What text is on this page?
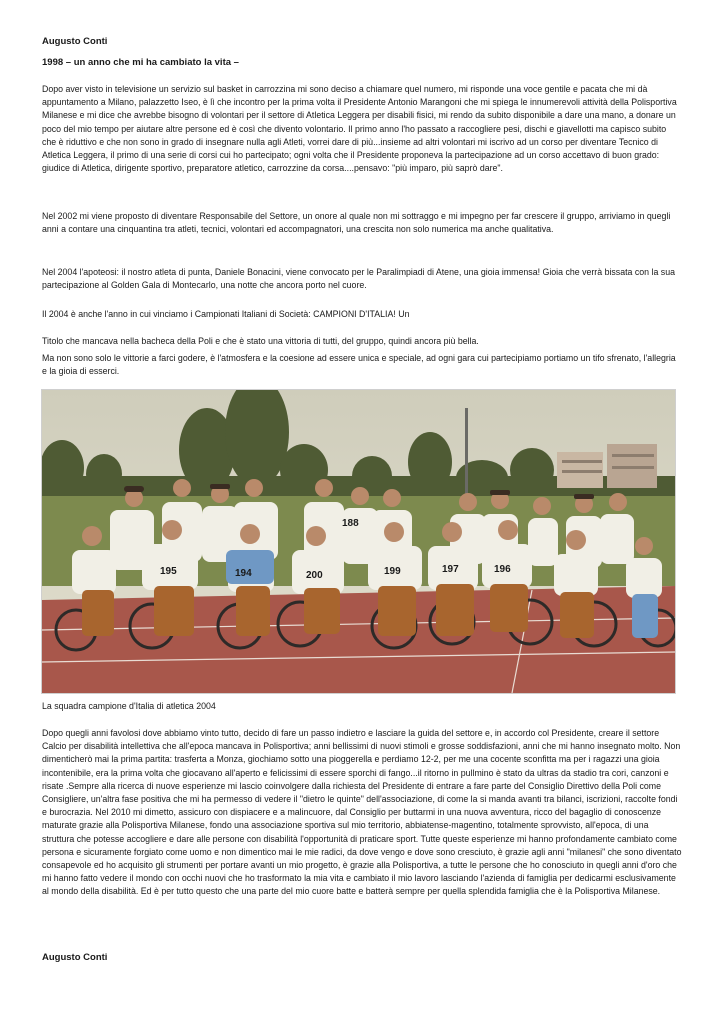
Augusto Conti

1998 – un anno che mi ha cambiato la vita –

Dopo aver visto in televisione un servizio sul basket in carrozzina mi sono deciso a chiamare quel numero, mi risponde una voce gentile e pacata che mi dà appuntamento a Milano, palazzetto Iseo, è lì che incontro per la prima volta il Presidente Antonio Marangoni che mi spiega le innumerevoli attività della Polisportiva Milanese e mi dice che avrebbe bisogno di volontari per il settore di Atletica Leggera per disabili fisici, mi rendo da subito disponibile a dare una mano, a donare un poco del mio tempo per aiutare altre persone ed è così che divento volontario. Il primo anno l'ho passato a raccogliere pesi, dischi e giavellotti ma capisco subito che è riduttivo e che non sono in grado di insegnare nulla agli Atleti, vorrei dare di più...insieme ad altri volontari mi iscrivo ad un corso per diventare Tecnico di Atletica Leggera, il primo di una serie di corsi cui ho partecipato; ogni volta che il Presidente proponeva la partecipazione ad un corso accettavo di buon grado: giudice di Atletica, dirigente sportivo, preparatore atletico, carrozzine da corsa....pensavo: "più imparo, più saprò dare".

Nel 2002 mi viene proposto di diventare Responsabile del Settore, un onore al quale non mi sottraggo e mi impegno per far crescere il gruppo, arriviamo in quegli anni a contare una cinquantina tra atleti, tecnici, volontari ed accompagnatori, una crescita non solo numerica ma anche qualitativa.

Nel 2004 l'apoteosi: il nostro atleta di punta, Daniele Bonacini, viene convocato per le Paralimpiadi di Atene, una gioia immensa! Gioia che verrà bissata con la sua partecipazione al Golden Gala di Montecarlo, una notte che ancora porto nel cuore.

Il 2004 è anche l'anno in cui vinciamo i Campionati Italiani di Società: CAMPIONI D'ITALIA! Un

Titolo che mancava nella bacheca della Poli e che è stato una vittoria di tutti, del gruppo, quindi ancora più bella.

Ma non sono solo le vittorie a farci godere, è l'atmosfera e la coesione ad essere unica e speciale, ad ogni gara cui partecipiamo portiamo un tifo sfrenato, l'allegria e la gioia di esserci.

195	194	200
188
199	196
197

La squadra campione d'Italia di atletica 2004

Dopo quegli anni favolosi dove abbiamo vinto tutto, decido di fare un passo indietro e lasciare la guida del settore e, in accordo col Presidente, creare il settore Calcio per disabilità intellettiva che all'epoca mancava in Polisportiva; anni bellissimi di nuovi stimoli e grosse soddisfazioni, anni che mi hanno insegnato molto. Non dimenticherò mai la prima partita: trasferta a Monza, giochiamo sotto una pioggerella e perdiamo 12-2, per me una cocente sconfitta ma per i ragazzi una gioia incontenibile, era la prima volta che giocavano all'aperto e felicissimi di essere sporchi di fango...il ritorno in pullmino è stato da ultras da stadio tra cori, canzoni e risate .Sempre alla ricerca di nuove esperienze mi lascio coinvolgere dalla richiesta del Presidente di entrare a fare parte del Consiglio Direttivo della Poli come Consigliere, un'altra fase positiva che mi ha permesso di vedere il "dietro le quinte" dell'associazione, di come la si manda avanti tra bilanci, iscrizioni, raccolte fondi e burocrazia. Nel 2010 mi dimetto, assicuro con dispiacere e a malincuore, dal Consiglio per buttarmi in una nuova avventura, ricco del bagaglio di conoscenze maturate grazie alla Polisportiva Milanese, fondo una associazione sportiva sul mio territorio, abbiatense-magentino, totalmente sprovvisto, all'epoca, di una struttura che potesse accogliere e dare alle persone con disabilità l'opportunità di praticare sport. Tutte queste esperienze mi hanno profondamente cambiato come persona e sicuramente forgiato come uomo e non dimentico mai le mie radici, da dove vengo e dove sono cresciuto, è grazie agli anni "milanesi" che sono diventato consapevole ed ho acquisito gli strumenti per portare avanti un mio progetto, è grazie alla Polisportiva, a tutte le persone che ho conosciuto in quegli anni d'oro che mi hanno fatto vedere il mondo con occhi nuovi che ho trasformato la mia vita e cambiato il mio lavoro lasciando l'azienda di famiglia per dedicarmi esclusivamente al mondo della disabilità. Ed è per tutto questo che una parte del mio cuore batte e batterà sempre per quella splendida famiglia che è la Polisportiva Milanese.

Augusto Conti
